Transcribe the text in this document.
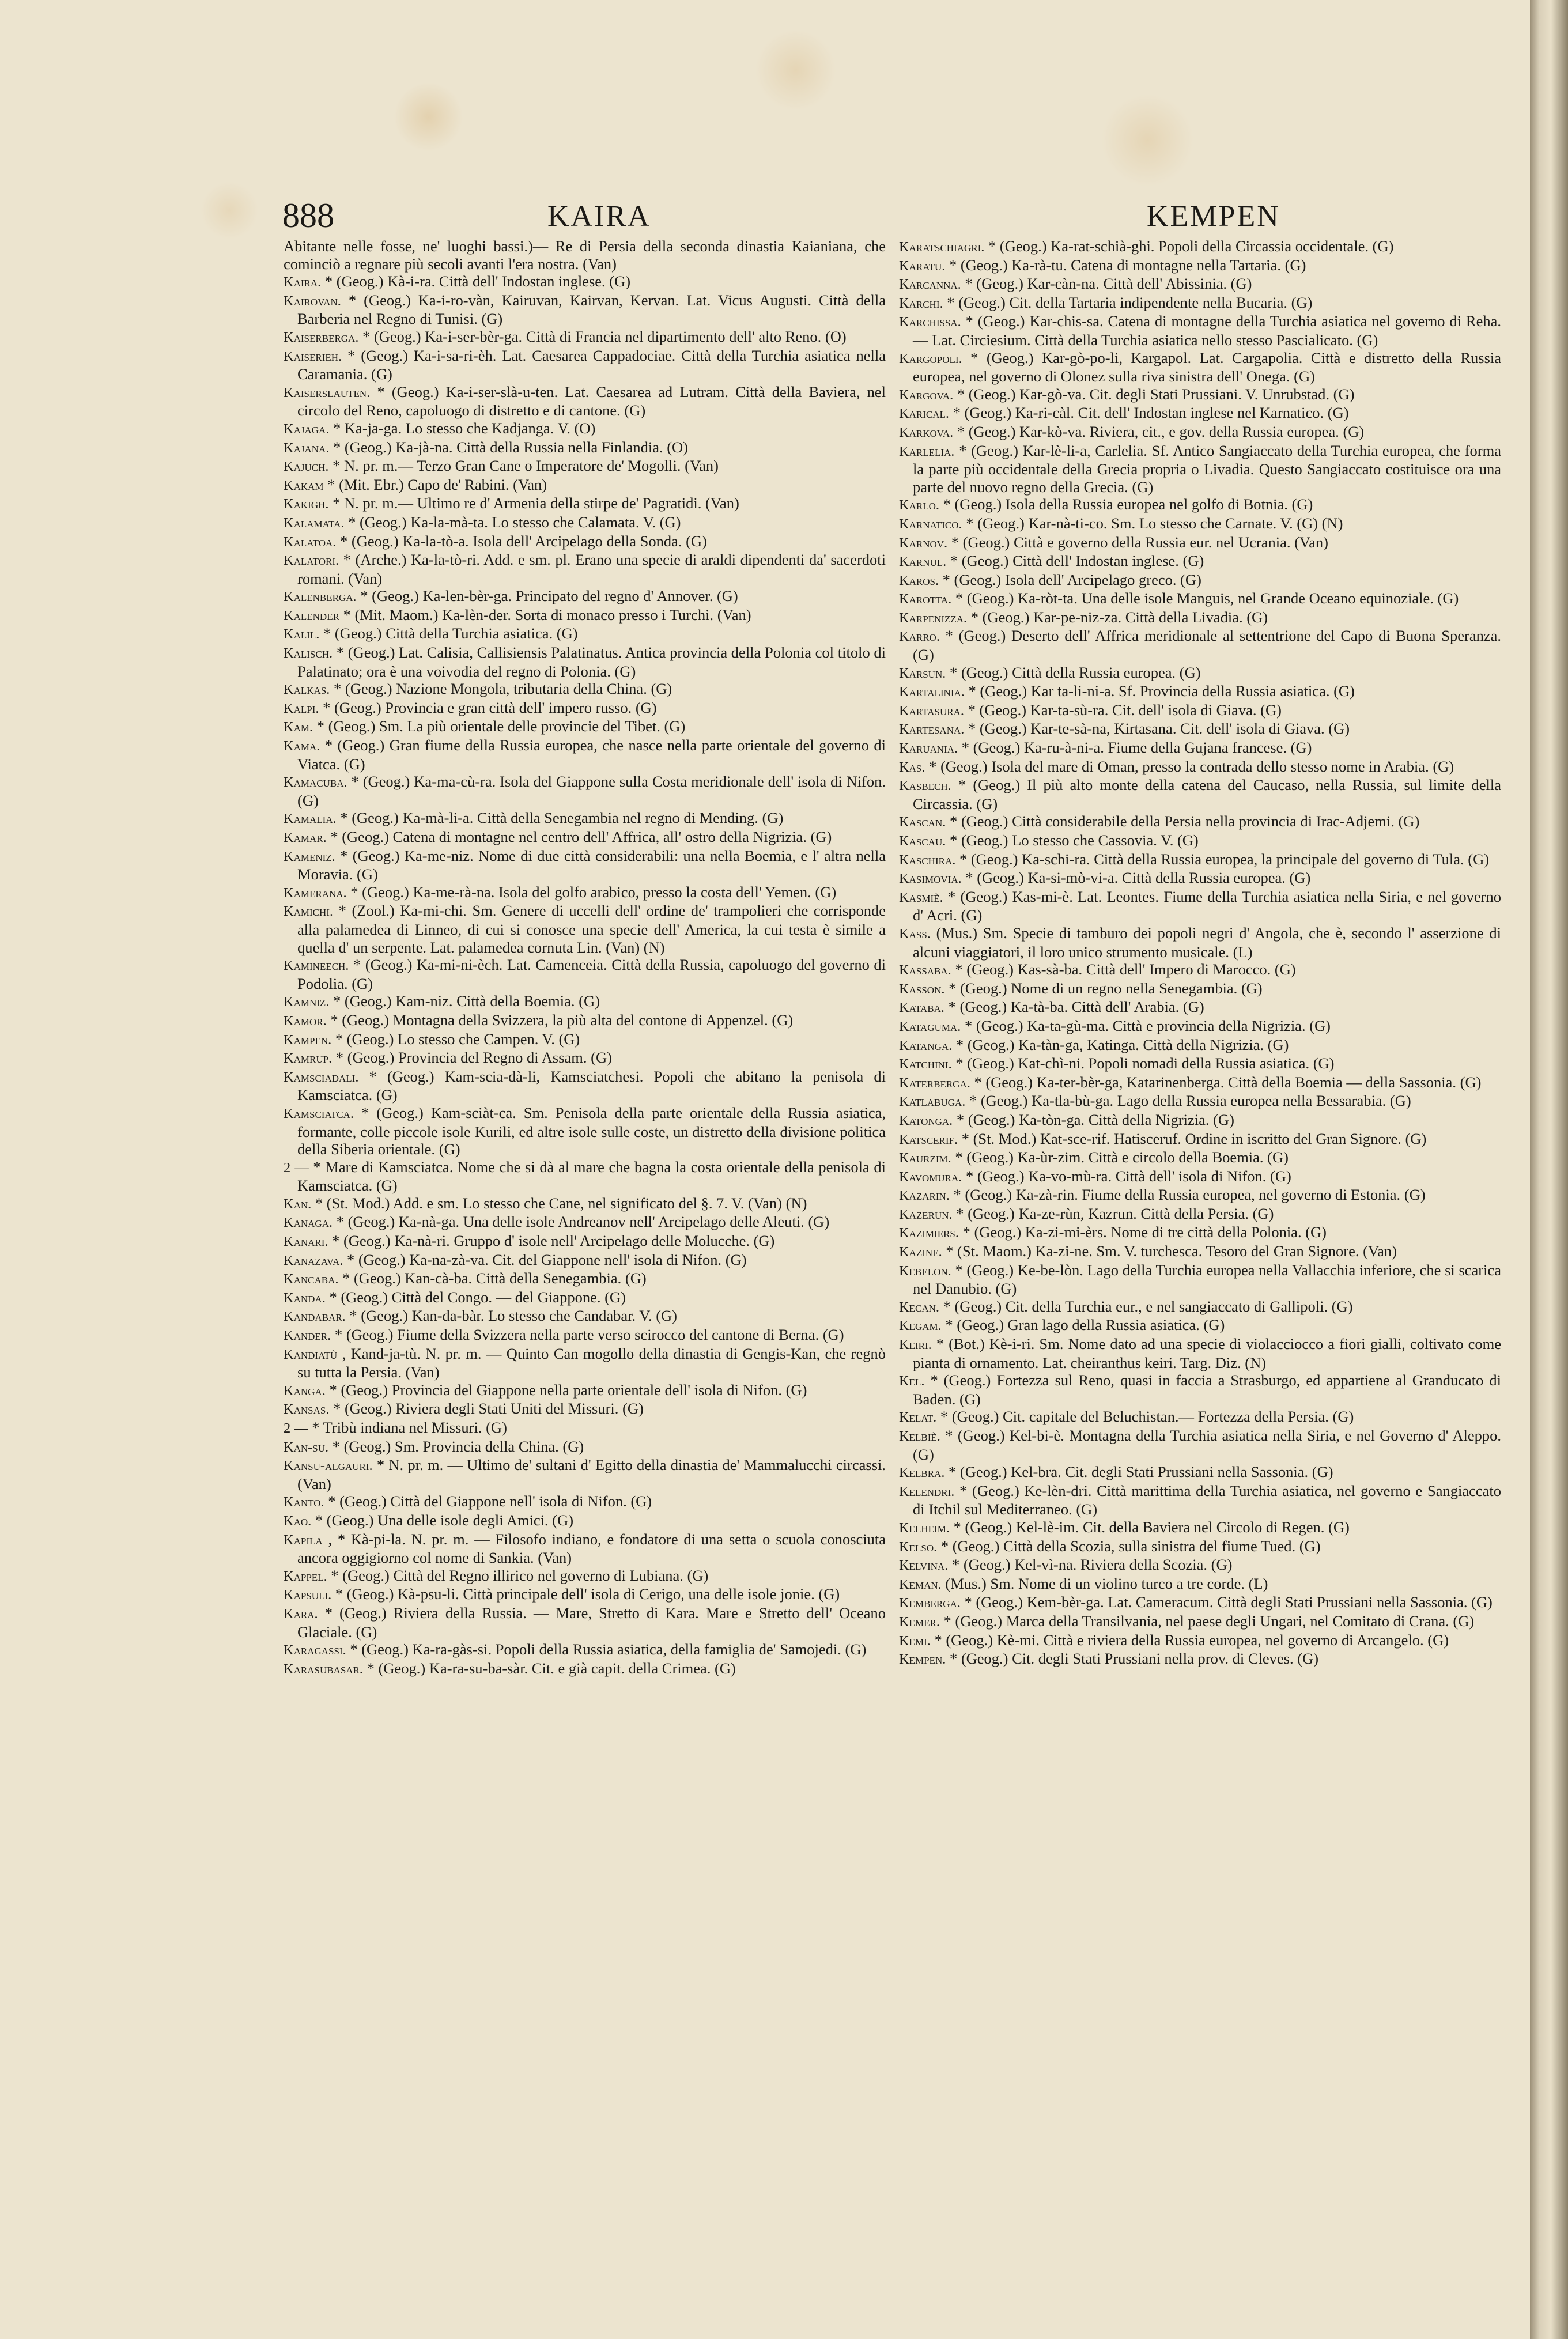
888	KAIRA	KEMPEN

Abitante nelle fosse, ne' luoghi bassi.)— Re di Persia della seconda dinastia Kaianiana, che cominciò a regnare più secoli avanti l'era nostra. (Van)

Kaira. * (Geog.) Kà-i-ra. Città dell' Indostan inglese. (G)

Kairovan. * (Geog.) Ka-i-ro-vàn, Kairuvan, Kairvan, Kervan. Lat. Vicus Augusti. Città della Barberia nel Regno di Tunisi. (G)

Kaiserberga. * (Geog.) Ka-i-ser-bèr-ga. Città di Francia nel dipartimento dell' alto Reno. (O)

Kaiserieh. * (Geog.) Ka-i-sa-ri-èh. Lat. Caesarea Cappadociae. Città della Turchia asiatica nella Caramania. (G)

Kaiserslauten. * (Geog.) Ka-i-ser-slà-u-ten. Lat. Caesarea ad Lutram. Città della Baviera, nel circolo del Reno, capoluogo di distretto e di cantone. (G)

Kajaga. * Ka-ja-ga. Lo stesso che Kadjanga. V. (O)

Kajana. * (Geog.) Ka-jà-na. Città della Russia nella Finlandia. (O)

Kajuch. * N. pr. m.— Terzo Gran Cane o Imperatore de' Mogolli. (Van)

Kakam * (Mit. Ebr.) Capo de' Rabini. (Van)

Kakigh. * N. pr. m.— Ultimo re d' Armenia della stirpe de' Pagratidi. (Van)

Kalamata. * (Geog.) Ka-la-mà-ta. Lo stesso che Calamata. V. (G)

Kalatoa. * (Geog.) Ka-la-tò-a. Isola dell' Arcipelago della Sonda. (G)

Kalatori. * (Arche.) Ka-la-tò-ri. Add. e sm. pl. Erano una specie di araldi dipendenti da' sacerdoti romani. (Van)

Kalenberga. * (Geog.) Ka-len-bèr-ga. Principato del regno d' Annover. (G)

Kalender * (Mit. Maom.) Ka-lèn-der. Sorta di monaco presso i Turchi. (Van)

Kalil. * (Geog.) Città della Turchia asiatica. (G)

Kalisch. * (Geog.) Lat. Calisia, Callisiensis Palatinatus. Antica provincia della Polonia col titolo di Palatinato; ora è una voivodia del regno di Polonia. (G)

Kalkas. * (Geog.) Nazione Mongola, tributaria della China. (G)

Kalpi. * (Geog.) Provincia e gran città dell' impero russo. (G)

Kam. * (Geog.) Sm. La più orientale delle provincie del Tibet. (G)

Kama. * (Geog.) Gran fiume della Russia europea, che nasce nella parte orientale del governo di Viatca. (G)

Kamacuba. * (Geog.) Ka-ma-cù-ra. Isola del Giappone sulla Costa meridionale dell' isola di Nifon. (G)

Kamalia. * (Geog.) Ka-mà-li-a. Città della Senegambia nel regno di Mending. (G)

Kamar. * (Geog.) Catena di montagne nel centro dell' Affrica, all' ostro della Nigrizia. (G)

Kameniz. * (Geog.) Ka-me-niz. Nome di due città considerabili: una nella Boemia, e l' altra nella Moravia. (G)

Kamerana. * (Geog.) Ka-me-rà-na. Isola del golfo arabico, presso la costa dell' Yemen. (G)

Kamichi. * (Zool.) Ka-mi-chi. Sm. Genere di uccelli dell' ordine de' trampolieri che corrisponde alla palamedea di Linneo, di cui si conosce una specie dell' America, la cui testa è simile a quella d' un serpente. Lat. palamedea cornuta Lin. (Van) (N)

Kamineech. * (Geog.) Ka-mi-ni-èch. Lat. Camenceia. Città della Russia, capoluogo del governo di Podolia. (G)

Kamniz. * (Geog.) Kam-niz. Città della Boemia. (G)

Kamor. * (Geog.) Montagna della Svizzera, la più alta del contone di Appenzel. (G)

Kampen. * (Geog.) Lo stesso che Campen. V. (G)

Kamrup. * (Geog.) Provincia del Regno di Assam. (G)

Kamsciadali. * (Geog.) Kam-scia-dà-li, Kamsciatchesi. Popoli che abitano la penisola di Kamsciatca. (G)

Kamsciatca. * (Geog.) Kam-sciàt-ca. Sm. Penisola della parte orientale della Russia asiatica, formante, colle piccole isole Kurili, ed altre isole sulle coste, un distretto della divisione politica della Siberia orientale. (G)

2 — * Mare di Kamsciatca. Nome che si dà al mare che bagna la costa orientale della penisola di Kamsciatca. (G)

Kan. * (St. Mod.) Add. e sm. Lo stesso che Cane, nel significato del §. 7. V. (Van) (N)

Kanaga. * (Geog.) Ka-nà-ga. Una delle isole Andreanov nell' Arcipelago delle Aleuti. (G)

Kanari. * (Geog.) Ka-nà-ri. Gruppo d' isole nell' Arcipelago delle Molucche. (G)

Kanazava. * (Geog.) Ka-na-zà-va. Cit. del Giappone nell' isola di Nifon. (G)

Kancaba. * (Geog.) Kan-cà-ba. Città della Senegambia. (G)

Kanda. * (Geog.) Città del Congo. — del Giappone. (G)

Kandabar. * (Geog.) Kan-da-bàr. Lo stesso che Candabar. V. (G)

Kander. * (Geog.) Fiume della Svizzera nella parte verso scirocco del cantone di Berna. (G)

Kandiatù , Kand-ja-tù. N. pr. m. — Quinto Can mogollo della dinastia di Gengis-Kan, che regnò su tutta la Persia. (Van)

Kanga. * (Geog.) Provincia del Giappone nella parte orientale dell' isola di Nifon. (G)

Kansas. * (Geog.) Riviera degli Stati Uniti del Missuri. (G)

2 — * Tribù indiana nel Missuri. (G)

Kan-su. * (Geog.) Sm. Provincia della China. (G)

Kansu-algauri. * N. pr. m. — Ultimo de' sultani d' Egitto della dinastia de' Mammalucchi circassi. (Van)

Kanto. * (Geog.) Città del Giappone nell' isola di Nifon. (G)

Kao. * (Geog.) Una delle isole degli Amici. (G)

Kapila , * Kà-pi-la. N. pr. m. — Filosofo indiano, e fondatore di una setta o scuola conosciuta ancora oggigiorno col nome di Sankia. (Van)

Kappel. * (Geog.) Città del Regno illirico nel governo di Lubiana. (G)

Kapsuli. * (Geog.) Kà-psu-li. Città principale dell' isola di Cerigo, una delle isole jonie. (G)

Kara. * (Geog.) Riviera della Russia. — Mare, Stretto di Kara. Mare e Stretto dell' Oceano Glaciale. (G)

Karagassi. * (Geog.) Ka-ra-gàs-si. Popoli della Russia asiatica, della famiglia de' Samojedi. (G)

Karasubasar. * (Geog.) Ka-ra-su-ba-sàr. Cit. e già capit. della Crimea. (G)

Karatschiagri. * (Geog.) Ka-rat-schià-ghi. Popoli della Circassia occidentale. (G)

Karatu. * (Geog.) Ka-rà-tu. Catena di montagne nella Tartaria. (G)

Karcanna. * (Geog.) Kar-càn-na. Città dell' Abissinia. (G)

Karchi. * (Geog.) Cit. della Tartaria indipendente nella Bucaria. (G)

Karchissa. * (Geog.) Kar-chis-sa. Catena di montagne della Turchia asiatica nel governo di Reha.— Lat. Circiesium. Città della Turchia asiatica nello stesso Pascialicato. (G)

Kargopoli. * (Geog.) Kar-gò-po-li, Kargapol. Lat. Cargapolia. Città e distretto della Russia europea, nel governo di Olonez sulla riva sinistra dell' Onega. (G)

Kargova. * (Geog.) Kar-gò-va. Cit. degli Stati Prussiani. V. Unrubstad. (G)

Karical. * (Geog.) Ka-ri-càl. Cit. dell' Indostan inglese nel Karnatico. (G)

Karkova. * (Geog.) Kar-kò-va. Riviera, cit., e gov. della Russia europea. (G)

Karlelia. * (Geog.) Kar-lè-li-a, Carlelia. Sf. Antico Sangiaccato della Turchia europea, che forma la parte più occidentale della Grecia propria o Livadia. Questo Sangiaccato costituisce ora una parte del nuovo regno della Grecia. (G)

Karlo. * (Geog.) Isola della Russia europea nel golfo di Botnia. (G)

Karnatico. * (Geog.) Kar-nà-ti-co. Sm. Lo stesso che Carnate. V. (G) (N)

Karnov. * (Geog.) Città e governo della Russia eur. nel Ucrania. (Van)

Karnul. * (Geog.) Città dell' Indostan inglese. (G)

Karos. * (Geog.) Isola dell' Arcipelago greco. (G)

Karotta. * (Geog.) Ka-ròt-ta. Una delle isole Manguis, nel Grande Oceano equinoziale. (G)

Karpenizza. * (Geog.) Kar-pe-niz-za. Città della Livadia. (G)

Karro. * (Geog.) Deserto dell' Affrica meridionale al settentrione del Capo di Buona Speranza. (G)

Karsun. * (Geog.) Città della Russia europea. (G)

Kartalinia. * (Geog.) Kar ta-li-ni-a. Sf. Provincia della Russia asiatica. (G)

Kartasura. * (Geog.) Kar-ta-sù-ra. Cit. dell' isola di Giava. (G)

Kartesana. * (Geog.) Kar-te-sà-na, Kirtasana. Cit. dell' isola di Giava. (G)

Karuania. * (Geog.) Ka-ru-à-ni-a. Fiume della Gujana francese. (G)

Kas. * (Geog.) Isola del mare di Oman, presso la contrada dello stesso nome in Arabia. (G)

Kasbech. * (Geog.) Il più alto monte della catena del Caucaso, nella Russia, sul limite della Circassia. (G)

Kascan. * (Geog.) Città considerabile della Persia nella provincia di Irac-Adjemi. (G)

Kascau. * (Geog.) Lo stesso che Cassovia. V. (G)

Kaschira. * (Geog.) Ka-schi-ra. Città della Russia europea, la principale del governo di Tula. (G)

Kasimovia. * (Geog.) Ka-si-mò-vi-a. Città della Russia europea. (G)

Kasmiè. * (Geog.) Kas-mi-è. Lat. Leontes. Fiume della Turchia asiatica nella Siria, e nel governo d' Acri. (G)

Kass. (Mus.) Sm. Specie di tamburo dei popoli negri d' Angola, che è, secondo l' asserzione di alcuni viaggiatori, il loro unico strumento musicale. (L)

Kassaba. * (Geog.) Kas-sà-ba. Città dell' Impero di Marocco. (G)

Kasson. * (Geog.) Nome di un regno nella Senegambia. (G)

Kataba. * (Geog.) Ka-tà-ba. Città dell' Arabia. (G)

Kataguma. * (Geog.) Ka-ta-gù-ma. Città e provincia della Nigrizia. (G)

Katanga. * (Geog.) Ka-tàn-ga, Katinga. Città della Nigrizia. (G)

Katchini. * (Geog.) Kat-chì-ni. Popoli nomadi della Russia asiatica. (G)

Katerberga. * (Geog.) Ka-ter-bèr-ga, Katarinenberga. Città della Boemia — della Sassonia. (G)

Katlabuga. * (Geog.) Ka-tla-bù-ga. Lago della Russia europea nella Bessarabia. (G)

Katonga. * (Geog.) Ka-tòn-ga. Città della Nigrizia. (G)

Katscerif. * (St. Mod.) Kat-sce-rif. Hatisceruf. Ordine in iscritto del Gran Signore. (G)

Kaurzim. * (Geog.) Ka-ùr-zim. Città e circolo della Boemia. (G)

Kavomura. * (Geog.) Ka-vo-mù-ra. Città dell' isola di Nifon. (G)

Kazarin. * (Geog.) Ka-zà-rin. Fiume della Russia europea, nel governo di Estonia. (G)

Kazerun. * (Geog.) Ka-ze-rùn, Kazrun. Città della Persia. (G)

Kazimiers. * (Geog.) Ka-zi-mi-èrs. Nome di tre città della Polonia. (G)

Kazine. * (St. Maom.) Ka-zi-ne. Sm. V. turchesca. Tesoro del Gran Signore. (Van)

Kebelon. * (Geog.) Ke-be-lòn. Lago della Turchia europea nella Vallacchia inferiore, che si scarica nel Danubio. (G)

Kecan. * (Geog.) Cit. della Turchia eur., e nel sangiaccato di Gallipoli. (G)

Kegam. * (Geog.) Gran lago della Russia asiatica. (G)

Keiri. * (Bot.) Kè-i-ri. Sm. Nome dato ad una specie di violacciocco a fiori gialli, coltivato come pianta di ornamento. Lat. cheiranthus keiri. Targ. Diz. (N)

Kel. * (Geog.) Fortezza sul Reno, quasi in faccia a Strasburgo, ed appartiene al Granducato di Baden. (G)

Kelat. * (Geog.) Cit. capitale del Beluchistan.— Fortezza della Persia. (G)

Kelbiè. * (Geog.) Kel-bi-è. Montagna della Turchia asiatica nella Siria, e nel Governo d' Aleppo. (G)

Kelbra. * (Geog.) Kel-bra. Cit. degli Stati Prussiani nella Sassonia. (G)

Kelendri. * (Geog.) Ke-lèn-dri. Città marittima della Turchia asiatica, nel governo e Sangiaccato di Itchil sul Mediterraneo. (G)

Kelheim. * (Geog.) Kel-lè-im. Cit. della Baviera nel Circolo di Regen. (G)

Kelso. * (Geog.) Città della Scozia, sulla sinistra del fiume Tued. (G)

Kelvina. * (Geog.) Kel-vì-na. Riviera della Scozia. (G)

Keman. (Mus.) Sm. Nome di un violino turco a tre corde. (L)

Kemberga. * (Geog.) Kem-bèr-ga. Lat. Cameracum. Città degli Stati Prussiani nella Sassonia. (G)

Kemer. * (Geog.) Marca della Transilvania, nel paese degli Ungari, nel Comitato di Crana. (G)

Kemi. * (Geog.) Kè-mi. Città e riviera della Russia europea, nel governo di Arcangelo. (G)

Kempen. * (Geog.) Cit. degli Stati Prussiani nella prov. di Cleves. (G)
